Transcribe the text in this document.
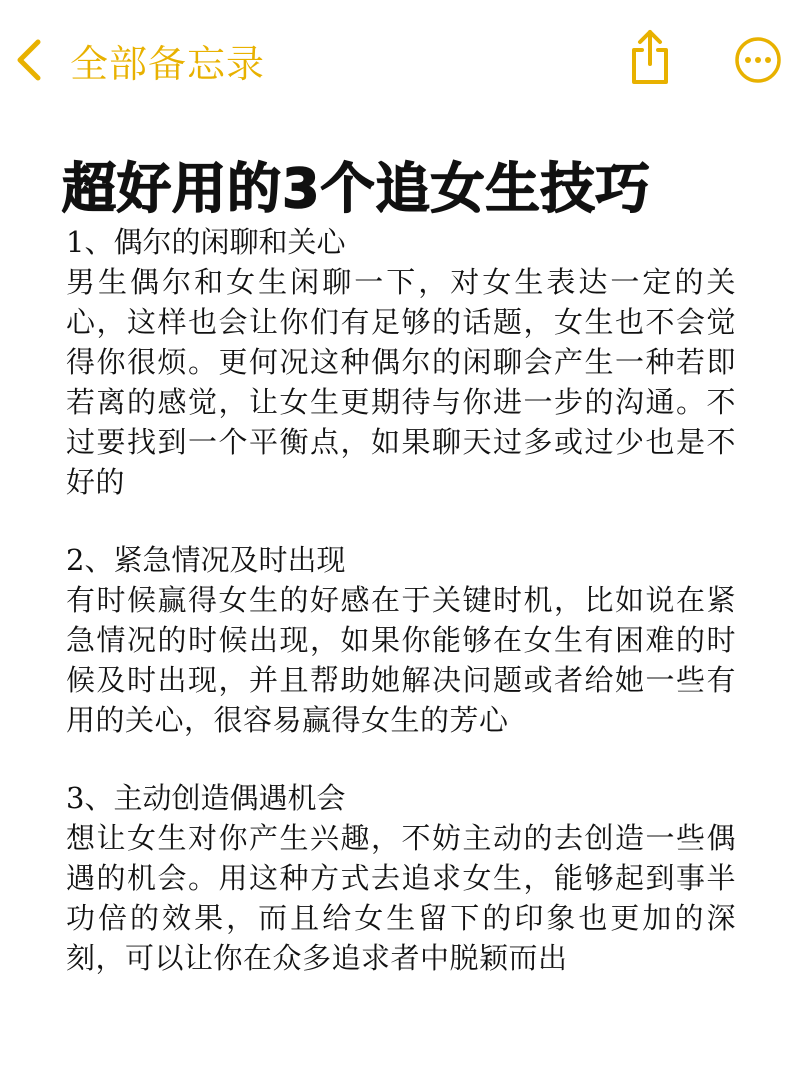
全部备忘录
超好用的3个追女生技巧
1、偶尔的闲聊和关心

男生偶尔和女生闲聊一下，对女生表达一定的关心，这样也会让你们有足够的话题，女生也不会觉得你很烦。更何况这种偶尔的闲聊会产生一种若即若离的感觉，让女生更期待与你进一步的沟通。不过要找到一个平衡点，如果聊天过多或过少也是不好的

2、紧急情况及时出现

有时候赢得女生的好感在于关键时机，比如说在紧急情况的时候出现，如果你能够在女生有困难的时候及时出现，并且帮助她解决问题或者给她一些有用的关心，很容易赢得女生的芳心

3、主动创造偶遇机会

想让女生对你产生兴趣，不妨主动的去创造一些偶遇的机会。用这种方式去追求女生，能够起到事半功倍的效果，而且给女生留下的印象也更加的深刻，可以让你在众多追求者中脱颖而出
